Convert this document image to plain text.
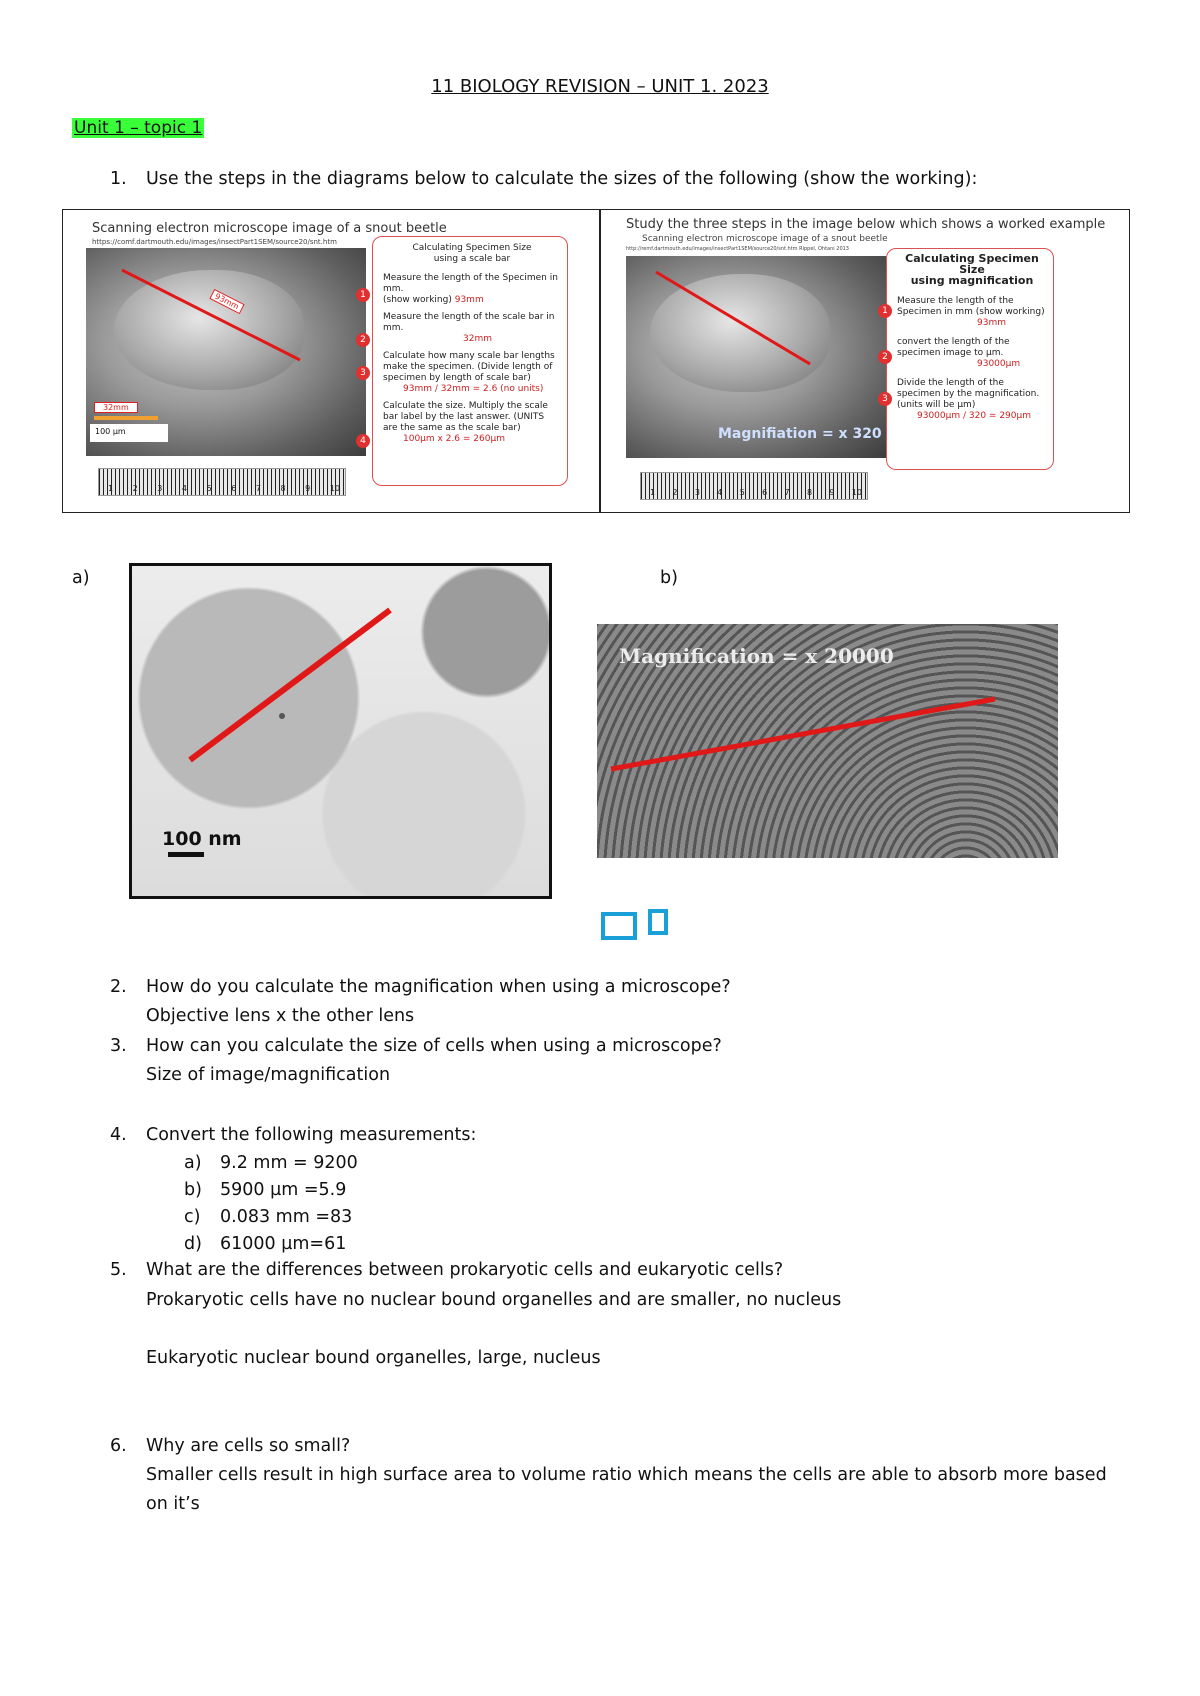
11 BIOLOGY REVISION – UNIT 1. 2023
Unit 1 – topic 1
1. Use the steps in the diagrams below to calculate the sizes of the following (show the working):
Scanning electron microscope image of a snout beetle
https://comf.dartmouth.edu/images/insectPart1SEM/source20/snt.htm
93mm
32mm
100 µm
1 2 3 4 5 6 7 8 9 10
Calculating Specimen Size
using a scale bar
Measure the length of the Specimen in mm.
(show working) 93mm
Measure the length of the scale bar in mm.
32mm
Calculate how many scale bar lengths make the specimen. (Divide length of specimen by length of scale bar)
93mm / 32mm = 2.6 (no units)
Calculate the size. Multiply the scale bar label by the last answer. (UNITS are the same as the scale bar)
100µm x 2.6 = 260µm
1
2
3
4
Study the three steps in the image below which shows a worked example
Scanning electron microscope image of a snout beetle
http://remf.dartmouth.edu/images/insectPart1SEM/source20/snt.htm Rippel, Ohtani 2013
Magnifiation = x 320
1 2 3 4 5 6 7 8 9 10
Calculating Specimen Size
using magnification
Measure the length of the Specimen in mm (show working)
93mm
convert the length of the specimen image to µm.
93000µm
Divide the length of the specimen by the magnification. (units will be µm)
93000µm / 320 = 290µm
1
2
3
a)
100 nm
b)
Magnification = x 20000
2. How do you calculate the magnification when using a microscope?
Objective lens x the other lens
3. How can you calculate the size of cells when using a microscope?
Size of image/magnification
4. Convert the following measurements:
a) 9.2 mm = 9200
b) 5900 µm =5.9
c) 0.083 mm =83
d) 61000 µm=61
5. What are the differences between prokaryotic cells and eukaryotic cells?
Prokaryotic cells have no nuclear bound organelles and are smaller, no nucleus
Eukaryotic nuclear bound organelles, large, nucleus
6. Why are cells so small?
Smaller cells result in high surface area to volume ratio which means the cells are able to absorb more based
on it’s
